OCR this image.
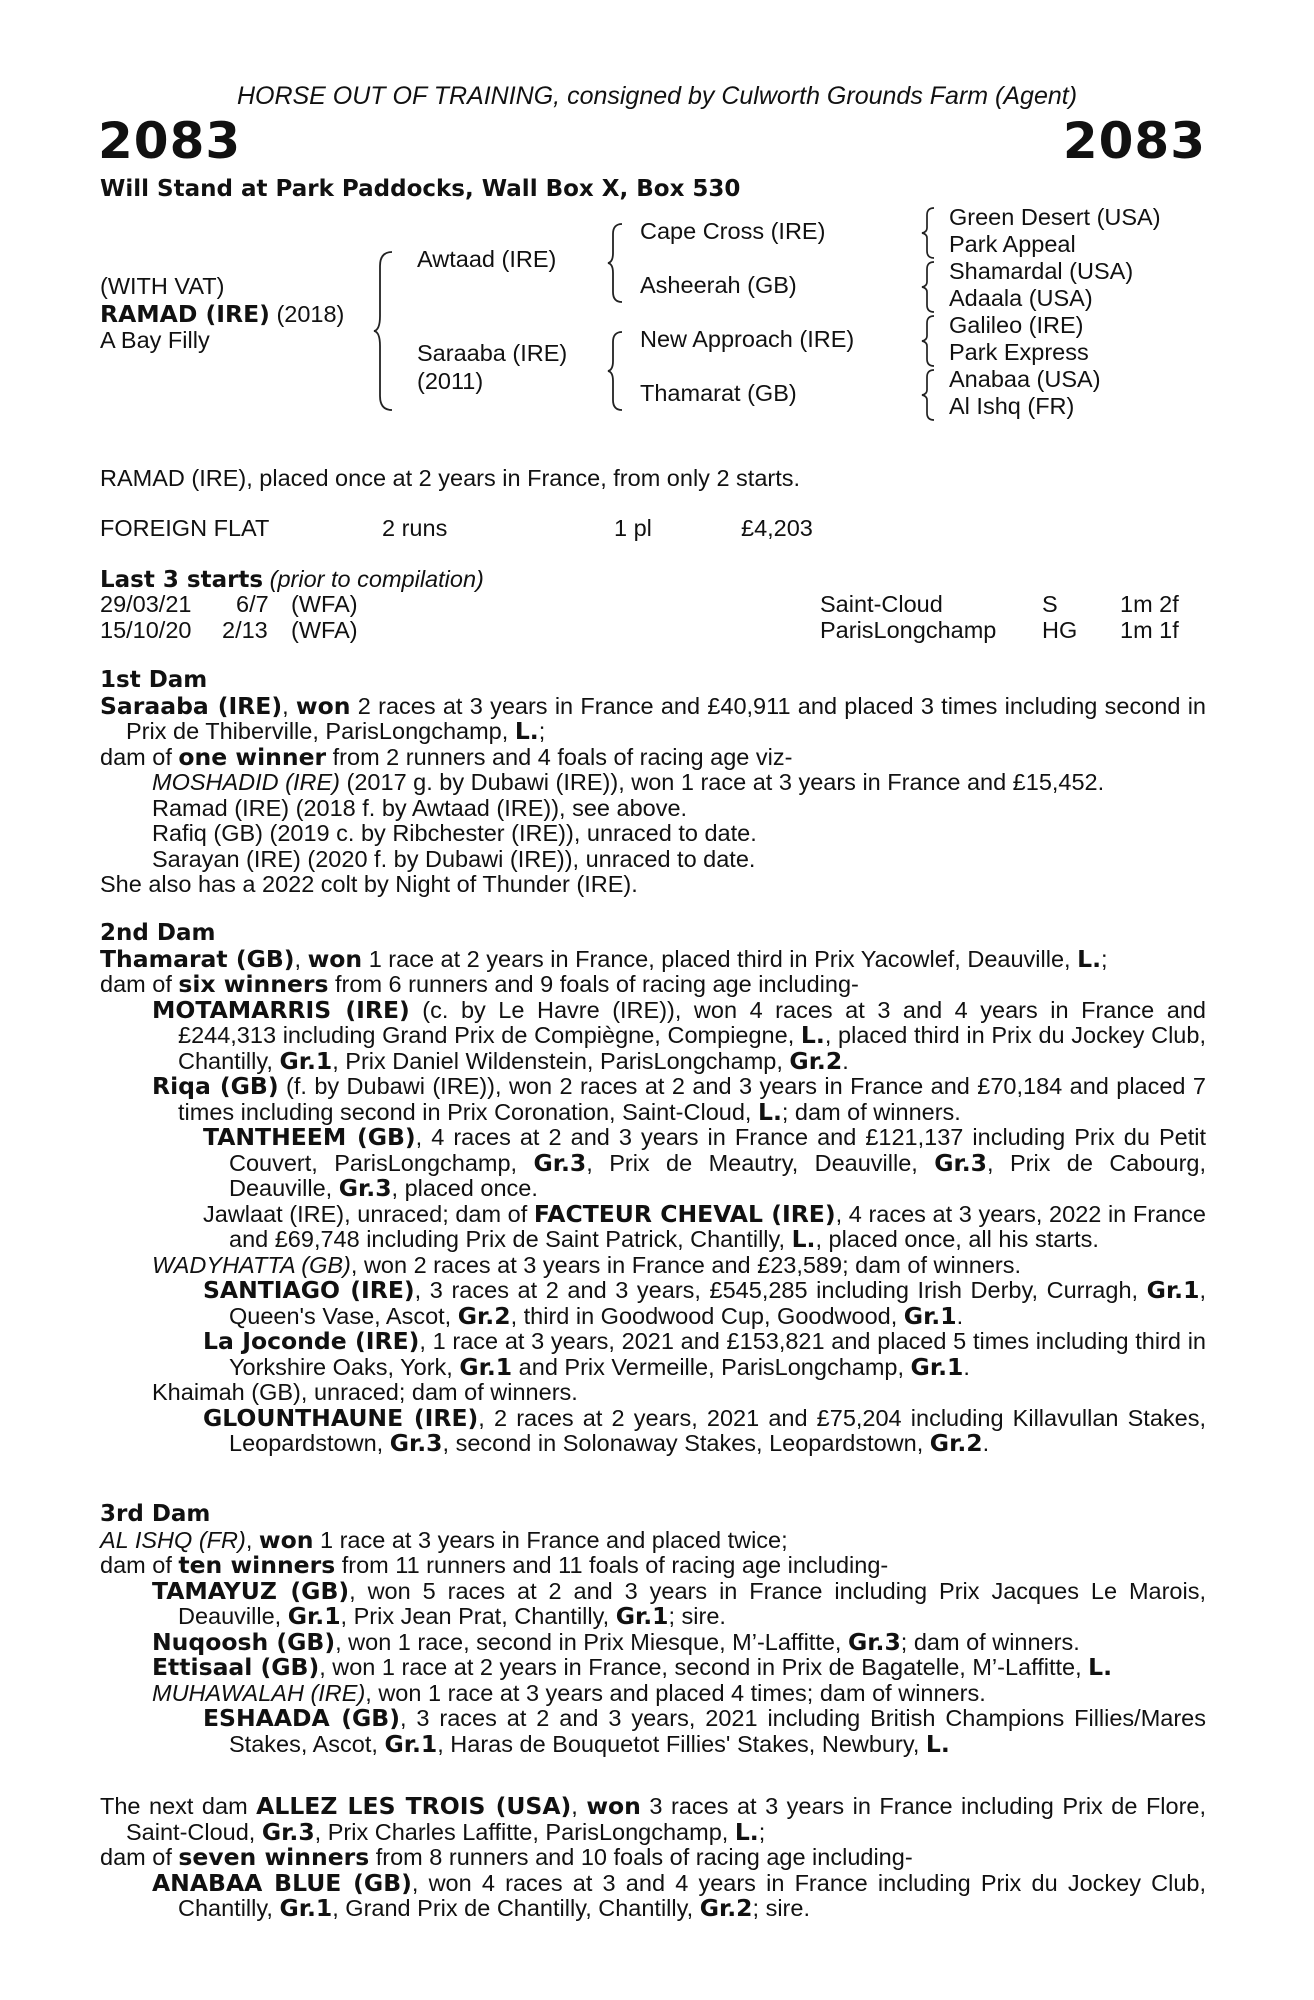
HORSE OUT OF TRAINING, consigned by Culworth Grounds Farm (Agent)
2083	2083
Will Stand at Park Paddocks, Wall Box X, Box 530
(WITH VAT)
RAMAD (IRE) (2018)
A Bay Filly
Awtaad (IRE)
Saraaba (IRE)
(2011)
Cape Cross (IRE)
Asheerah (GB)
New Approach (IRE)
Thamarat (GB)
Green Desert (USA)
Park Appeal
Shamardal (USA)
Adaala (USA)
Galileo (IRE)
Park Express
Anabaa (USA)
Al Ishq (FR)
RAMAD (IRE), placed once at 2 years in France, from only 2 starts.
FOREIGN FLAT	2 runs	1 pl	£4,203
Last 3 starts (prior to compilation)
29/03/21 6/7 (WFA)	Saint-Cloud	S	1m 2f
15/10/20 2/13 (WFA)	ParisLongchamp HG 1m 1f

1st Dam

Saraaba (IRE), won 2 races at 3 years in France and £40,911 and placed 3 times including second in Prix de Thiberville, ParisLongchamp, L.;

dam of one winner from 2 runners and 4 foals of racing age viz-

MOSHADID (IRE) (2017 g. by Dubawi (IRE)), won 1 race at 3 years in France and £15,452.

Ramad (IRE) (2018 f. by Awtaad (IRE)), see above.

Rafiq (GB) (2019 c. by Ribchester (IRE)), unraced to date.

Sarayan (IRE) (2020 f. by Dubawi (IRE)), unraced to date.

She also has a 2022 colt by Night of Thunder (IRE).

2nd Dam

Thamarat (GB), won 1 race at 2 years in France, placed third in Prix Yacowlef, Deauville, L.;

dam of six winners from 6 runners and 9 foals of racing age including-

MOTAMARRIS (IRE) (c. by Le Havre (IRE)), won 4 races at 3 and 4 years in France and £244,313 including Grand Prix de Compiègne, Compiegne, L., placed third in Prix du Jockey Club, Chantilly, Gr.1, Prix Daniel Wildenstein, ParisLongchamp, Gr.2.

Riqa (GB) (f. by Dubawi (IRE)), won 2 races at 2 and 3 years in France and £70,184 and placed 7 times including second in Prix Coronation, Saint-Cloud, L.; dam of winners.

TANTHEEM (GB), 4 races at 2 and 3 years in France and £121,137 including Prix du Petit Couvert, ParisLongchamp, Gr.3, Prix de Meautry, Deauville, Gr.3, Prix de Cabourg, Deauville, Gr.3, placed once.

Jawlaat (IRE), unraced; dam of FACTEUR CHEVAL (IRE), 4 races at 3 years, 2022 in France and £69,748 including Prix de Saint Patrick, Chantilly, L., placed once, all his starts.

WADYHATTA (GB), won 2 races at 3 years in France and £23,589; dam of winners.

SANTIAGO (IRE), 3 races at 2 and 3 years, £545,285 including Irish Derby, Curragh, Gr.1, Queen's Vase, Ascot, Gr.2, third in Goodwood Cup, Goodwood, Gr.1.

La Joconde (IRE), 1 race at 3 years, 2021 and £153,821 and placed 5 times including third in Yorkshire Oaks, York, Gr.1 and Prix Vermeille, ParisLongchamp, Gr.1.

Khaimah (GB), unraced; dam of winners.

GLOUNTHAUNE (IRE), 2 races at 2 years, 2021 and £75,204 including Killavullan Stakes, Leopardstown, Gr.3, second in Solonaway Stakes, Leopardstown, Gr.2.

3rd Dam

AL ISHQ (FR), won 1 race at 3 years in France and placed twice;

dam of ten winners from 11 runners and 11 foals of racing age including-

TAMAYUZ (GB), won 5 races at 2 and 3 years in France including Prix Jacques Le Marois, Deauville, Gr.1, Prix Jean Prat, Chantilly, Gr.1; sire.

Nuqoosh (GB), won 1 race, second in Prix Miesque, M’-Laffitte, Gr.3; dam of winners.

Ettisaal (GB), won 1 race at 2 years in France, second in Prix de Bagatelle, M’-Laffitte, L.

MUHAWALAH (IRE), won 1 race at 3 years and placed 4 times; dam of winners.

ESHAADA (GB), 3 races at 2 and 3 years, 2021 including British Champions Fillies/Mares Stakes, Ascot, Gr.1, Haras de Bouquetot Fillies' Stakes, Newbury, L.

The next dam ALLEZ LES TROIS (USA), won 3 races at 3 years in France including Prix de Flore, Saint-Cloud, Gr.3, Prix Charles Laffitte, ParisLongchamp, L.;

dam of seven winners from 8 runners and 10 foals of racing age including-

ANABAA BLUE (GB), won 4 races at 3 and 4 years in France including Prix du Jockey Club, Chantilly, Gr.1, Grand Prix de Chantilly, Chantilly, Gr.2; sire.
